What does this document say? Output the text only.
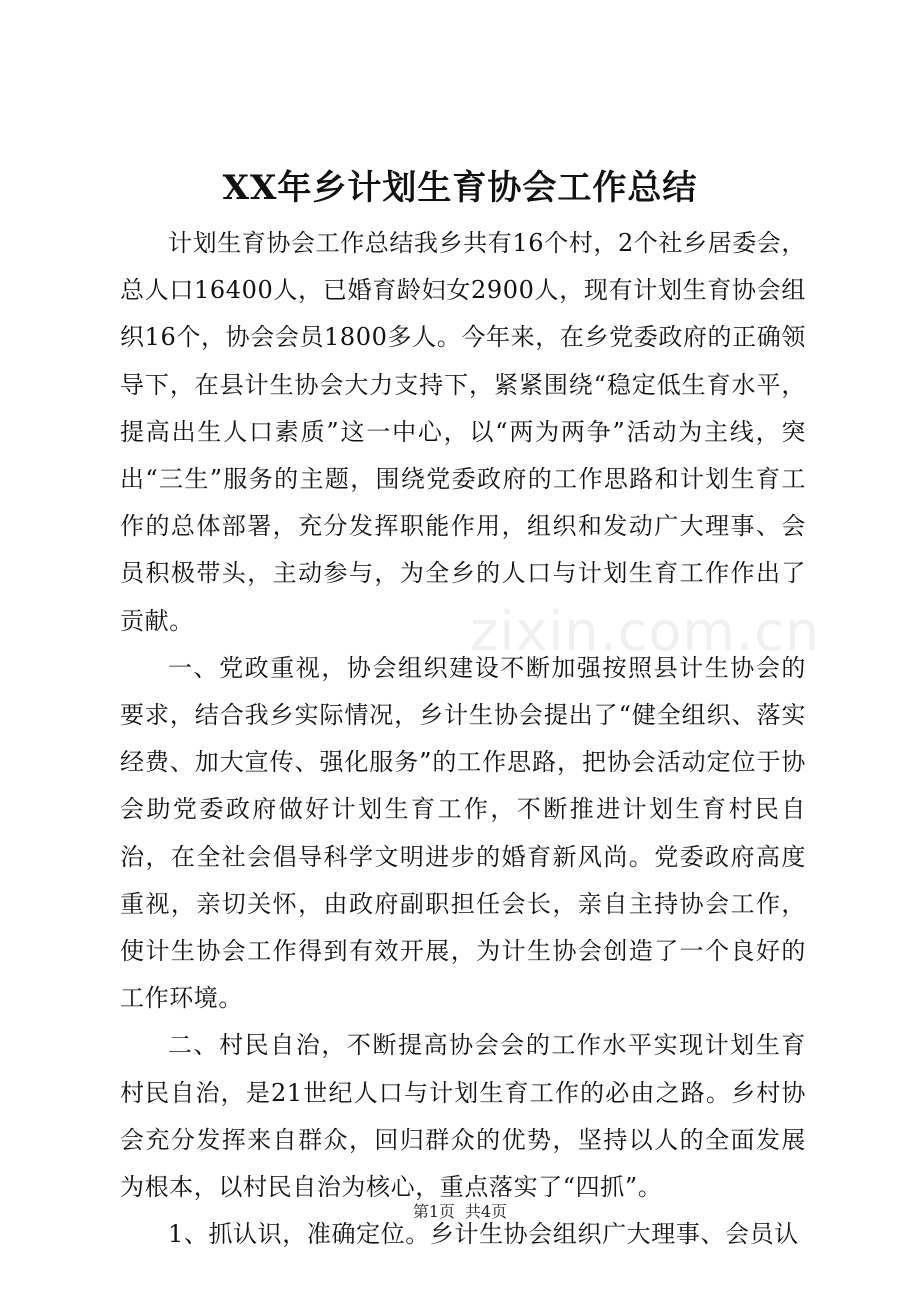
XX年乡计划生育协会工作总结

计划生育协会工作总结我乡共有16个村，2个社乡居委会，总人口16400人，已婚育龄妇女2900人，现有计划生育协会组织16个，协会会员1800多人。今年来，在乡党委政府的正确领导下，在县计生协会大力支持下，紧紧围绕“稳定低生育水平，提高出生人口素质”这一中心，以“两为两争”活动为主线，突出“三生”服务的主题，围绕党委政府的工作思路和计划生育工作的总体部署，充分发挥职能作用，组织和发动广大理事、会员积极带头，主动参与，为全乡的人口与计划生育工作作出了贡献。

一、党政重视，协会组织建设不断加强按照县计生协会的要求，结合我乡实际情况，乡计生协会提出了“健全组织、落实经费、加大宣传、强化服务”的工作思路，把协会活动定位于协会助党委政府做好计划生育工作，不断推进计划生育村民自治，在全社会倡导科学文明进步的婚育新风尚。党委政府高度重视，亲切关怀，由政府副职担任会长，亲自主持协会工作，使计生协会工作得到有效开展，为计生协会创造了一个良好的工作环境。

二、村民自治，不断提高协会会的工作水平实现计划生育村民自治，是21世纪人口与计划生育工作的必由之路。乡村协会充分发挥来自群众，回归群众的优势，坚持以人的全面发展为根本，以村民自治为核心，重点落实了“四抓”。

1、抓认识，准确定位。乡计生协会组织广大理事、会员认

zixin.com.cn
第1页 共4页
